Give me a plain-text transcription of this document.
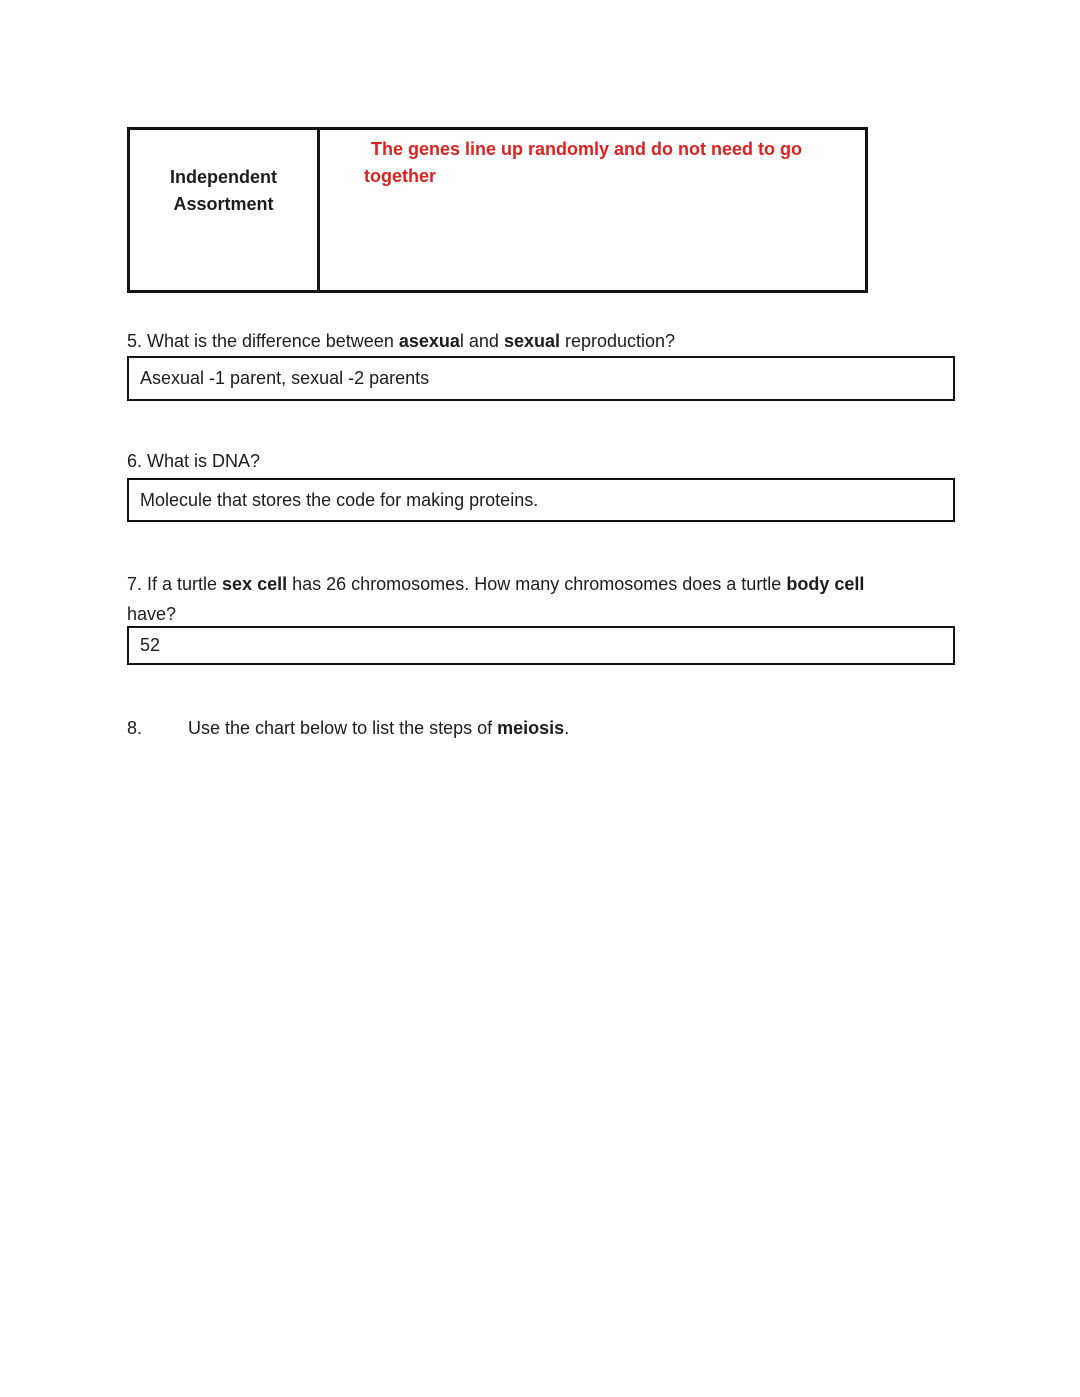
Independent
Assortment
The genes line up randomly and do not need to go
together
5. What is the difference between asexual and sexual reproduction?
Asexual -1 parent, sexual -2 parents
6. What is DNA?
Molecule that stores the code for making proteins.
7. If a turtle sex cell has 26 chromosomes. How many chromosomes does a turtle body cell
have?
52
8.	Use the chart below to list the steps of meiosis.
